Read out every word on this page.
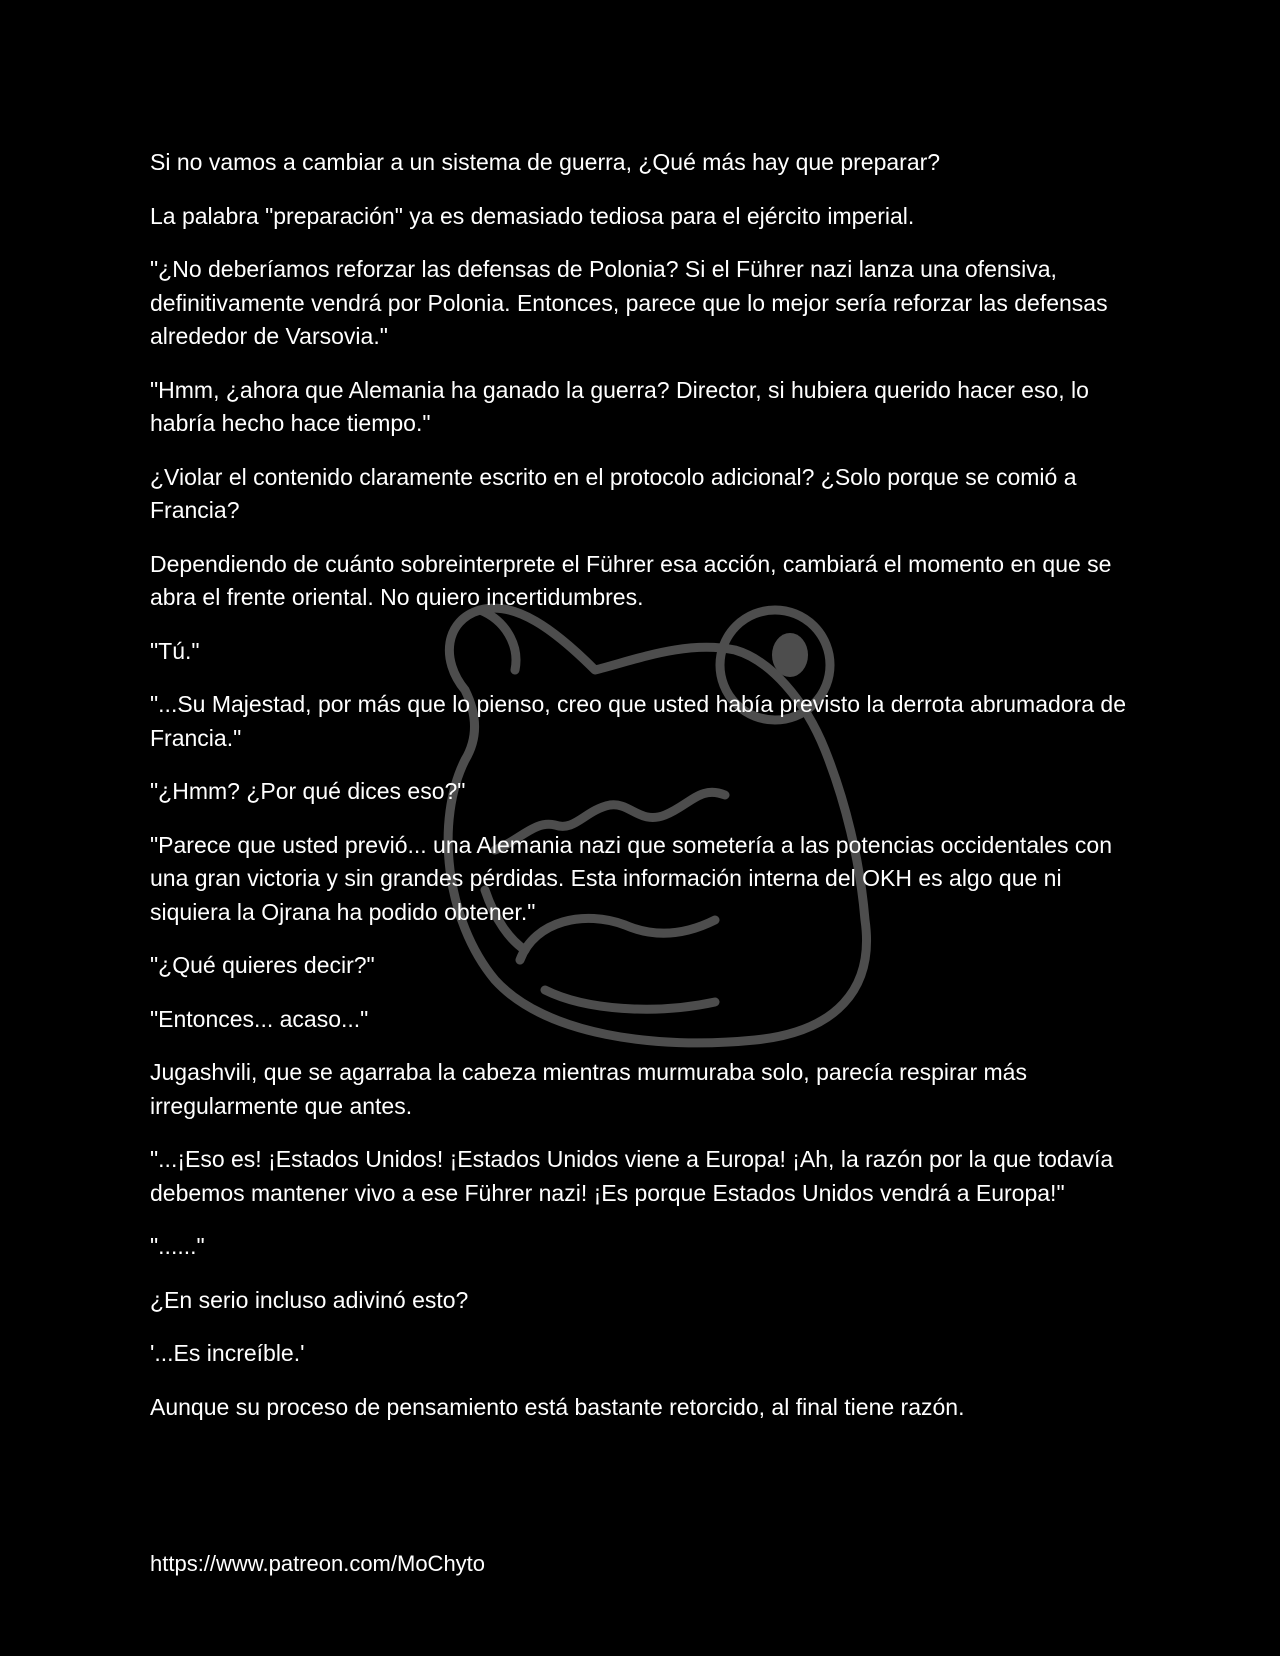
Si no vamos a cambiar a un sistema de guerra, ¿Qué más hay que preparar?

La palabra "preparación" ya es demasiado tediosa para el ejército imperial.

"¿No deberíamos reforzar las defensas de Polonia? Si el Führer nazi lanza una ofensiva, definitivamente vendrá por Polonia. Entonces, parece que lo mejor sería reforzar las defensas alrededor de Varsovia."

"Hmm, ¿ahora que Alemania ha ganado la guerra? Director, si hubiera querido hacer eso, lo habría hecho hace tiempo."

¿Violar el contenido claramente escrito en el protocolo adicional? ¿Solo porque se comió a Francia?

Dependiendo de cuánto sobreinterprete el Führer esa acción, cambiará el momento en que se abra el frente oriental. No quiero incertidumbres.

"Tú."

"...Su Majestad, por más que lo pienso, creo que usted había previsto la derrota abrumadora de Francia."

"¿Hmm? ¿Por qué dices eso?"

"Parece que usted previó... una Alemania nazi que sometería a las potencias occidentales con una gran victoria y sin grandes pérdidas. Esta información interna del OKH es algo que ni siquiera la Ojrana ha podido obtener."

"¿Qué quieres decir?"

"Entonces... acaso..."

Jugashvili, que se agarraba la cabeza mientras murmuraba solo, parecía respirar más irregularmente que antes.

"...¡Eso es! ¡Estados Unidos! ¡Estados Unidos viene a Europa! ¡Ah, la razón por la que todavía debemos mantener vivo a ese Führer nazi! ¡Es porque Estados Unidos vendrá a Europa!"

"......"

¿En serio incluso adivinó esto?

'...Es increíble.'

Aunque su proceso de pensamiento está bastante retorcido, al final tiene razón.

https://www.patreon.com/MoChyto
